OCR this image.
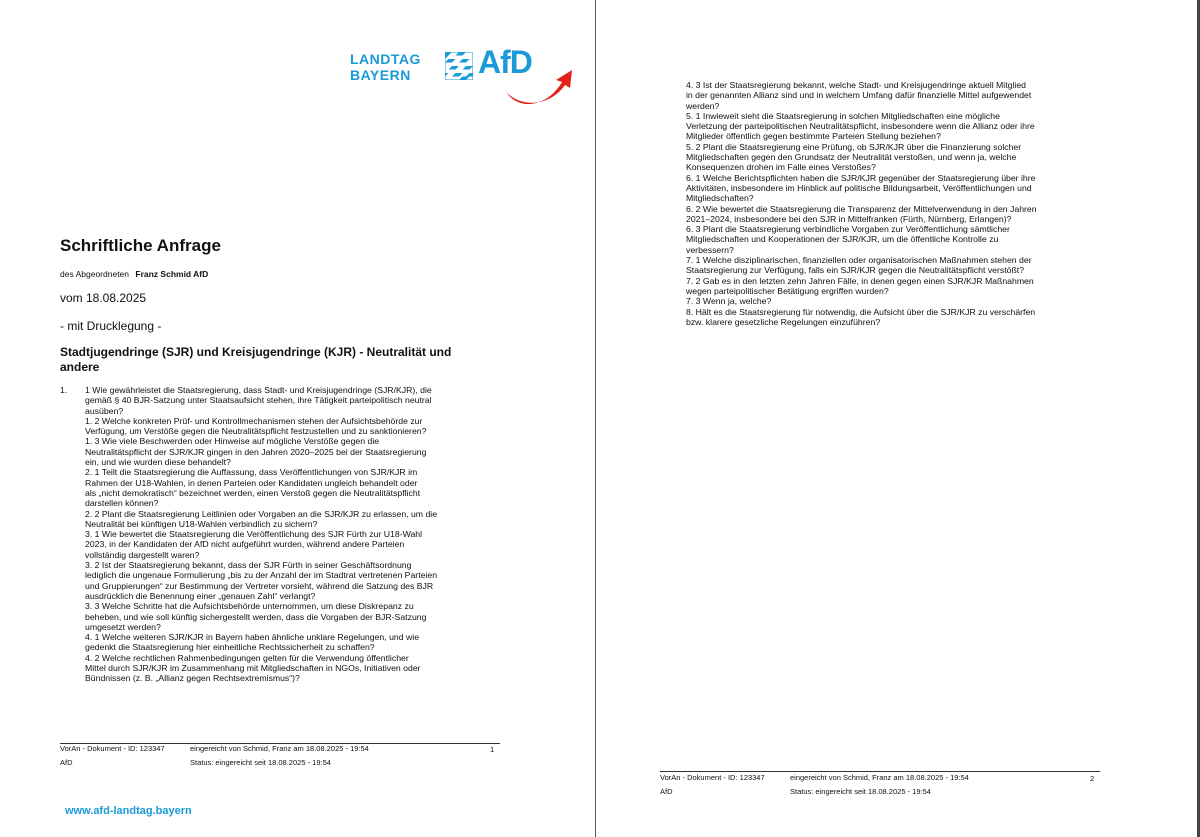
LANDTAG
BAYERN	AfD
Schriftliche Anfrage
des Abgeordneten Franz Schmid AfD
vom 18.08.2025
- mit Drucklegung -
Stadtjugendringe (SJR) und Kreisjugendringe (KJR) - Neutralität und
andere
1. 1 Wie gewährleistet die Staatsregierung, dass Stadt- und Kreisjugendringe (SJR/KJR), die
gemäß § 40 BJR-Satzung unter Staatsaufsicht stehen, ihre Tätigkeit parteipolitisch neutral
ausüben?
1. 2 Welche konkreten Prüf- und Kontrollmechanismen stehen der Aufsichtsbehörde zur
Verfügung, um Verstöße gegen die Neutralitätspflicht festzustellen und zu sanktionieren?
1. 3 Wie viele Beschwerden oder Hinweise auf mögliche Verstöße gegen die
Neutralitätspflicht der SJR/KJR gingen in den Jahren 2020–2025 bei der Staatsregierung
ein, und wie wurden diese behandelt?
2. 1 Teilt die Staatsregierung die Auffassung, dass Veröffentlichungen von SJR/KJR im
Rahmen der U18-Wahlen, in denen Parteien oder Kandidaten ungleich behandelt oder
als „nicht demokratisch“ bezeichnet werden, einen Verstoß gegen die Neutralitätspflicht
darstellen können?
2. 2 Plant die Staatsregierung Leitlinien oder Vorgaben an die SJR/KJR zu erlassen, um die
Neutralität bei künftigen U18-Wahlen verbindlich zu sichern?
3. 1 Wie bewertet die Staatsregierung die Veröffentlichung des SJR Fürth zur U18-Wahl
2023, in der Kandidaten der AfD nicht aufgeführt wurden, während andere Parteien
vollständig dargestellt waren?
3. 2 Ist der Staatsregierung bekannt, dass der SJR Fürth in seiner Geschäftsordnung
lediglich die ungenaue Formulierung „bis zu der Anzahl der im Stadtrat vertretenen Parteien
und Gruppierungen“ zur Bestimmung der Vertreter vorsieht, während die Satzung des BJR
ausdrücklich die Benennung einer „genauen Zahl“ verlangt?
3. 3 Welche Schritte hat die Aufsichtsbehörde unternommen, um diese Diskrepanz zu
beheben, und wie soll künftig sichergestellt werden, dass die Vorgaben der BJR-Satzung
umgesetzt werden?
4. 1 Welche weiteren SJR/KJR in Bayern haben ähnliche unklare Regelungen, und wie
gedenkt die Staatsregierung hier einheitliche Rechtssicherheit zu schaffen?
4. 2 Welche rechtlichen Rahmenbedingungen gelten für die Verwendung öffentlicher
Mittel durch SJR/KJR im Zusammenhang mit Mitgliedschaften in NGOs, Initiativen oder
Bündnissen (z. B. „Allianz gegen Rechtsextremismus“)?
VorAn - Dokument - ID: 123347	eingereicht von Schmid, Franz am 18.08.2025 - 19:54	1
AfD	Status: eingereicht seit 18.08.2025 - 19:54
www.afd-landtag.bayern
4. 3 Ist der Staatsregierung bekannt, welche Stadt- und Kreisjugendringe aktuell Mitglied
in der genannten Allianz sind und in welchem Umfang dafür finanzielle Mittel aufgewendet
werden?
5. 1 Inwieweit sieht die Staatsregierung in solchen Mitgliedschaften eine mögliche
Verletzung der parteipolitischen Neutralitätspflicht, insbesondere wenn die Allianz oder ihre
Mitglieder öffentlich gegen bestimmte Parteien Stellung beziehen?
5. 2 Plant die Staatsregierung eine Prüfung, ob SJR/KJR über die Finanzierung solcher
Mitgliedschaften gegen den Grundsatz der Neutralität verstoßen, und wenn ja, welche
Konsequenzen drohen im Falle eines Verstoßes?
6. 1 Welche Berichtspflichten haben die SJR/KJR gegenüber der Staatsregierung über ihre
Aktivitäten, insbesondere im Hinblick auf politische Bildungsarbeit, Veröffentlichungen und
Mitgliedschaften?
6. 2 Wie bewertet die Staatsregierung die Transparenz der Mittelverwendung in den Jahren
2021–2024, insbesondere bei den SJR in Mittelfranken (Fürth, Nürnberg, Erlangen)?
6. 3 Plant die Staatsregierung verbindliche Vorgaben zur Veröffentlichung sämtlicher
Mitgliedschaften und Kooperationen der SJR/KJR, um die öffentliche Kontrolle zu
verbessern?
7. 1 Welche disziplinarischen, finanziellen oder organisatorischen Maßnahmen stehen der
Staatsregierung zur Verfügung, falls ein SJR/KJR gegen die Neutralitätspflicht verstößt?
7. 2 Gab es in den letzten zehn Jahren Fälle, in denen gegen einen SJR/KJR Maßnahmen
wegen parteipolitischer Betätigung ergriffen wurden?
7. 3 Wenn ja, welche?
8. Hält es die Staatsregierung für notwendig, die Aufsicht über die SJR/KJR zu verschärfen
bzw. klarere gesetzliche Regelungen einzuführen?
VorAn - Dokument - ID: 123347	eingereicht von Schmid, Franz am 18.08.2025 - 19:54	2
AfD	Status: eingereicht seit 18.08.2025 - 19:54
